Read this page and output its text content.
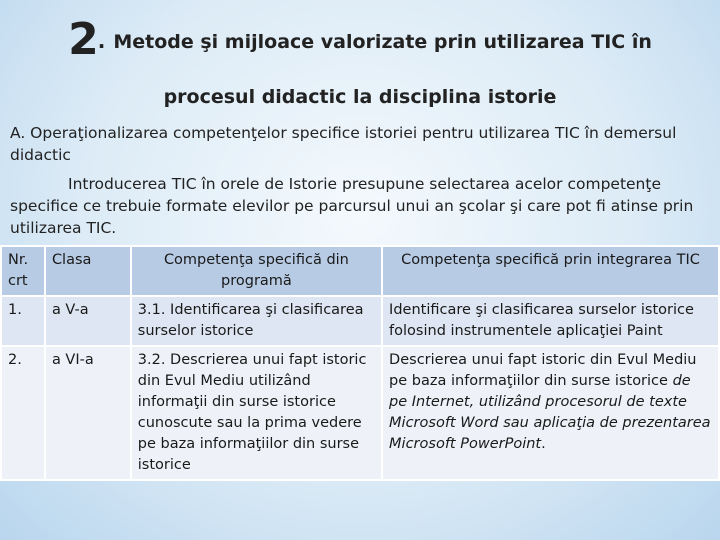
2. Metode şi mijloace valorizate prin utilizarea TIC în
procesul didactic la disciplina istorie
A. Operaţionalizarea competenţelor specifice istoriei pentru utilizarea TIC în demersul didactic
Introducerea TIC în orele de Istorie presupune selectarea acelor competenţe specifice ce trebuie formate elevilor pe parcursul unui an şcolar şi care pot fi atinse prin utilizarea TIC.
Nr. crt	Clasa	Competenţa specifică din programă	Competenţa specifică prin integrarea TIC
1.	a V-a	3.1. Identificarea şi clasificarea surselor istorice	Identificare şi clasificarea surselor istorice folosind instrumentele aplicaţiei Paint
2.	a VI-a	3.2. Descrierea unui fapt istoric din Evul Mediu utilizând informaţii din surse istorice cunoscute sau la prima vedere pe baza informaţiilor din surse istorice	Descrierea unui fapt istoric din Evul Mediu pe baza informaţiilor din surse istorice de pe Internet, utilizând procesorul de texte Microsoft Word sau aplicaţia de prezentarea Microsoft PowerPoint.
